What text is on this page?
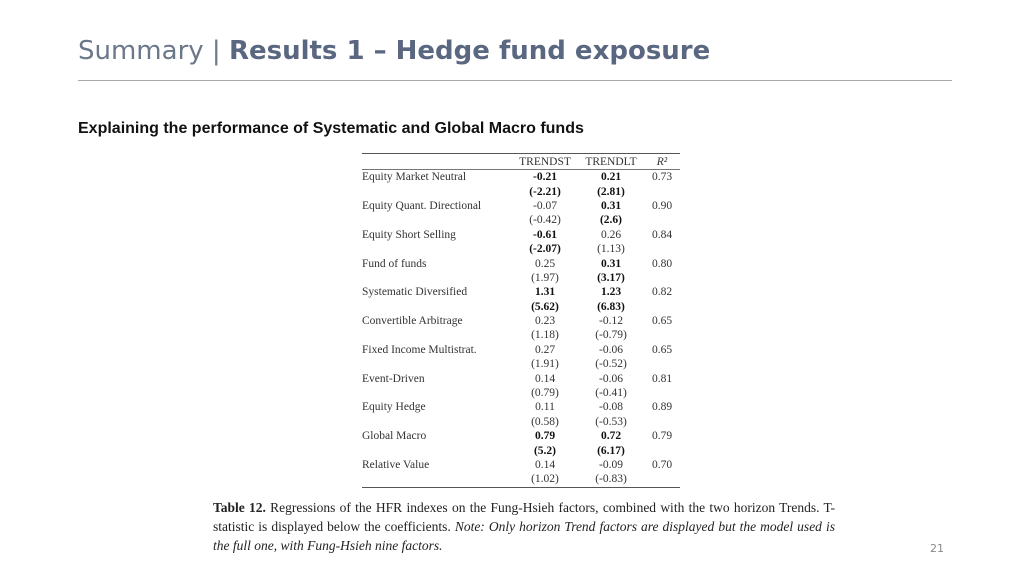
Summary | Results 1 – Hedge fund exposure

Explaining the performance of Systematic and Global Macro funds

	TRENDST	TRENDLT	R²
Equity Market Neutral	-0.21	0.21	0.73
	(-2.21)	(2.81)	
Equity Quant. Directional	-0.07	0.31	0.90
	(-0.42)	(2.6)	
Equity Short Selling	-0.61	0.26	0.84
	(-2.07)	(1.13)	
Fund of funds	0.25	0.31	0.80
	(1.97)	(3.17)	
Systematic Diversified	1.31	1.23	0.82
	(5.62)	(6.83)	
Convertible Arbitrage	0.23	-0.12	0.65
	(1.18)	(-0.79)	
Fixed Income Multistrat.	0.27	-0.06	0.65
	(1.91)	(-0.52)	
Event-Driven	0.14	-0.06	0.81
	(0.79)	(-0.41)	
Equity Hedge	0.11	-0.08	0.89
	(0.58)	(-0.53)	
Global Macro	0.79	0.72	0.79
	(5.2)	(6.17)	
Relative Value	0.14	-0.09	0.70
	(1.02)	(-0.83)	

Table 12. Regressions of the HFR indexes on the Fung-Hsieh factors, combined with the two horizon Trends. T-statistic is displayed below the coefficients. Note: Only horizon Trend factors are displayed but the model used is the full one, with Fung-Hsieh nine factors.	21
